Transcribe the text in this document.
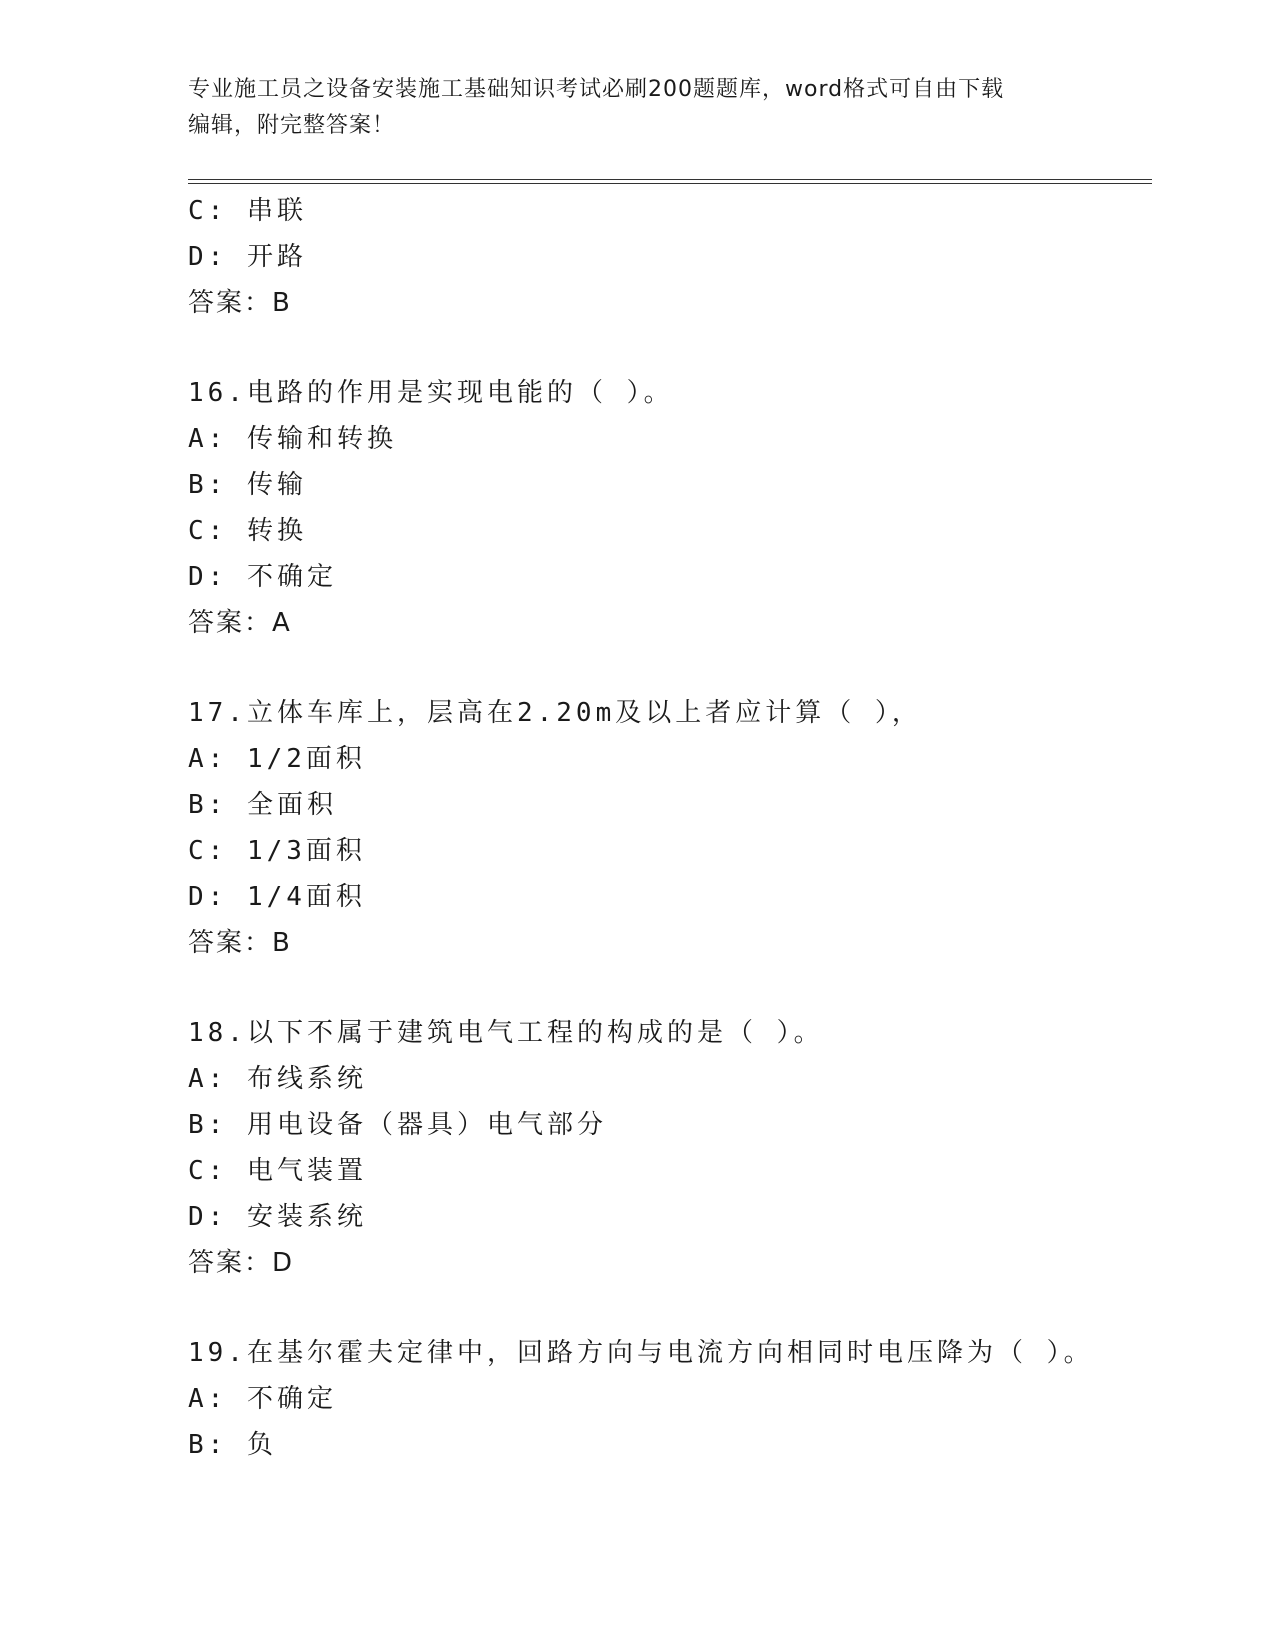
专业施工员之设备安装施工基础知识考试必刷200题题库，word格式可自由下载
编辑，附完整答案！
C: 串联
D: 开路
答案：B
16.电路的作用是实现电能的（ ）。
A: 传输和转换
B: 传输
C: 转换
D: 不确定
答案：A
17.立体车库上，层高在2.20m及以上者应计算（ ），
A: 1/2面积
B: 全面积
C: 1/3面积
D: 1/4面积
答案：B
18.以下不属于建筑电气工程的构成的是（ ）。
A: 布线系统
B: 用电设备（器具）电气部分
C: 电气装置
D: 安装系统
答案：D
19.在基尔霍夫定律中，回路方向与电流方向相同时电压降为（ ）。
A: 不确定
B: 负
